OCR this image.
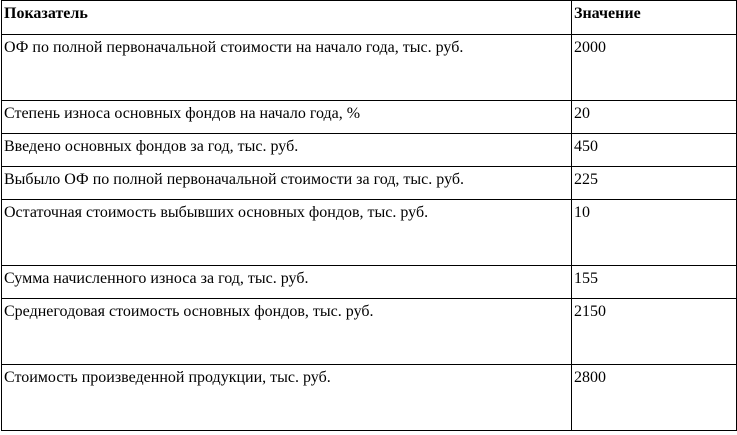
Показатель	Значение
ОФ по полной первоначальной стоимости на начало года, тыс. руб.	2000
Степень износа основных фондов на начало года, %	20
Введено основных фондов за год, тыс. руб.	450
Выбыло ОФ по полной первоначальной стоимости за год, тыс. руб.	225
Остаточная стоимость выбывших основных фондов, тыс. руб.	10
Сумма начисленного износа за год, тыс. руб.	155
Среднегодовая стоимость основных фондов, тыс. руб.	2150
Стоимость произведенной продукции, тыс. руб.	2800
